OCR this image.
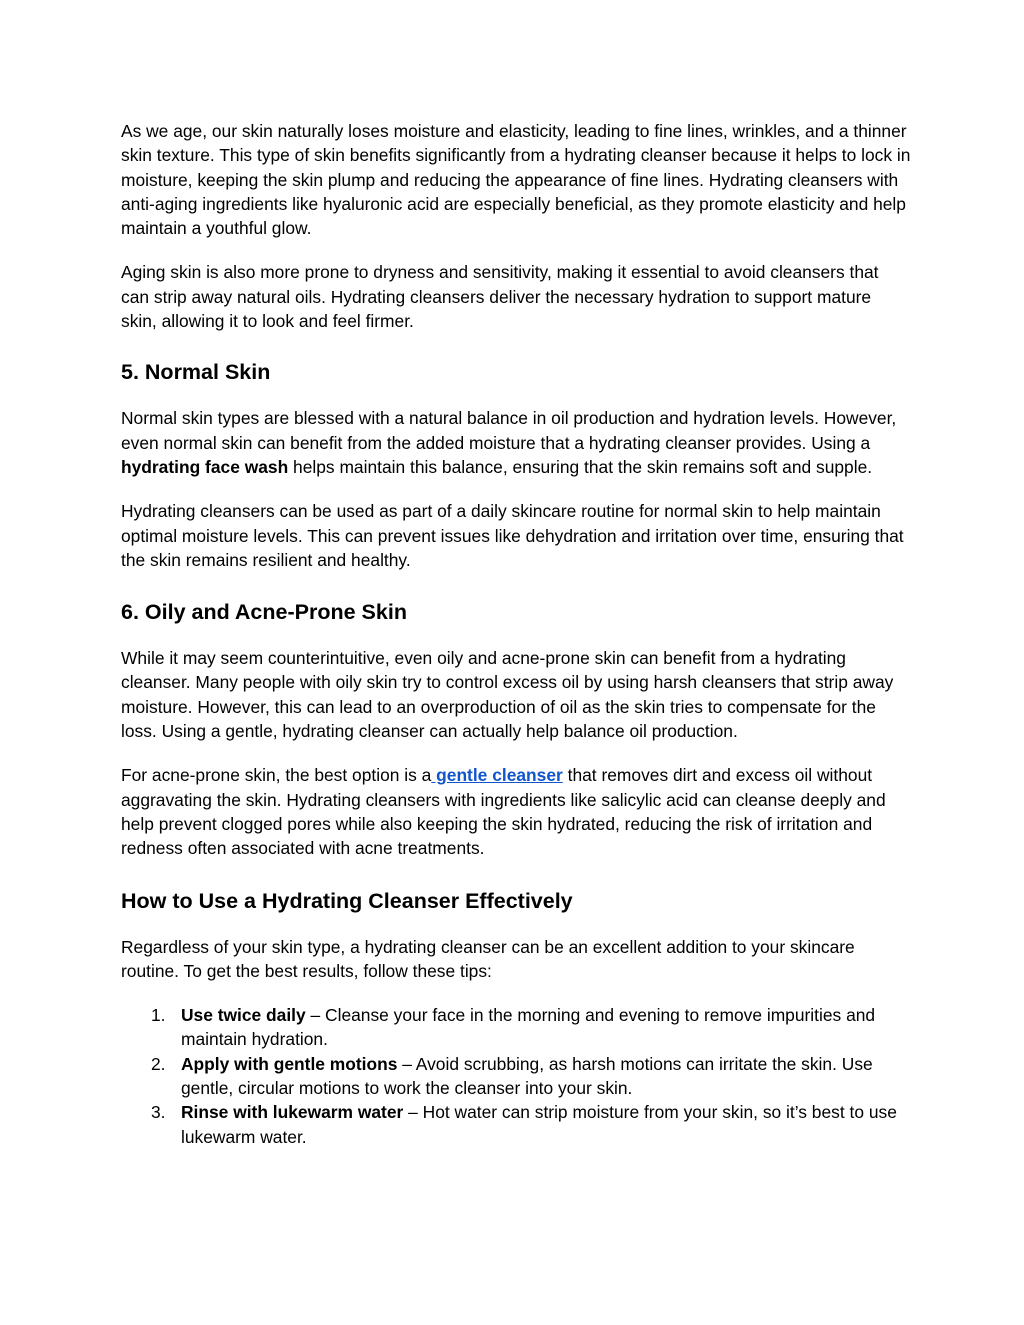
As we age, our skin naturally loses moisture and elasticity, leading to fine lines, wrinkles, and a thinner skin texture. This type of skin benefits significantly from a hydrating cleanser because it helps to lock in moisture, keeping the skin plump and reducing the appearance of fine lines. Hydrating cleansers with anti-aging ingredients like hyaluronic acid are especially beneficial, as they promote elasticity and help maintain a youthful glow.

Aging skin is also more prone to dryness and sensitivity, making it essential to avoid cleansers that can strip away natural oils. Hydrating cleansers deliver the necessary hydration to support mature skin, allowing it to look and feel firmer.

5. Normal Skin

Normal skin types are blessed with a natural balance in oil production and hydration levels. However, even normal skin can benefit from the added moisture that a hydrating cleanser provides. Using a hydrating face wash helps maintain this balance, ensuring that the skin remains soft and supple.

Hydrating cleansers can be used as part of a daily skincare routine for normal skin to help maintain optimal moisture levels. This can prevent issues like dehydration and irritation over time, ensuring that the skin remains resilient and healthy.

6. Oily and Acne-Prone Skin

While it may seem counterintuitive, even oily and acne-prone skin can benefit from a hydrating cleanser. Many people with oily skin try to control excess oil by using harsh cleansers that strip away moisture. However, this can lead to an overproduction of oil as the skin tries to compensate for the loss. Using a gentle, hydrating cleanser can actually help balance oil production.

For acne-prone skin, the best option is a gentle cleanser that removes dirt and excess oil without aggravating the skin. Hydrating cleansers with ingredients like salicylic acid can cleanse deeply and help prevent clogged pores while also keeping the skin hydrated, reducing the risk of irritation and redness often associated with acne treatments.

How to Use a Hydrating Cleanser Effectively

Regardless of your skin type, a hydrating cleanser can be an excellent addition to your skincare routine. To get the best results, follow these tips:

1. Use twice daily – Cleanse your face in the morning and evening to remove impurities and maintain hydration.
2. Apply with gentle motions – Avoid scrubbing, as harsh motions can irritate the skin. Use gentle, circular motions to work the cleanser into your skin.
3. Rinse with lukewarm water – Hot water can strip moisture from your skin, so it’s best to use lukewarm water.
